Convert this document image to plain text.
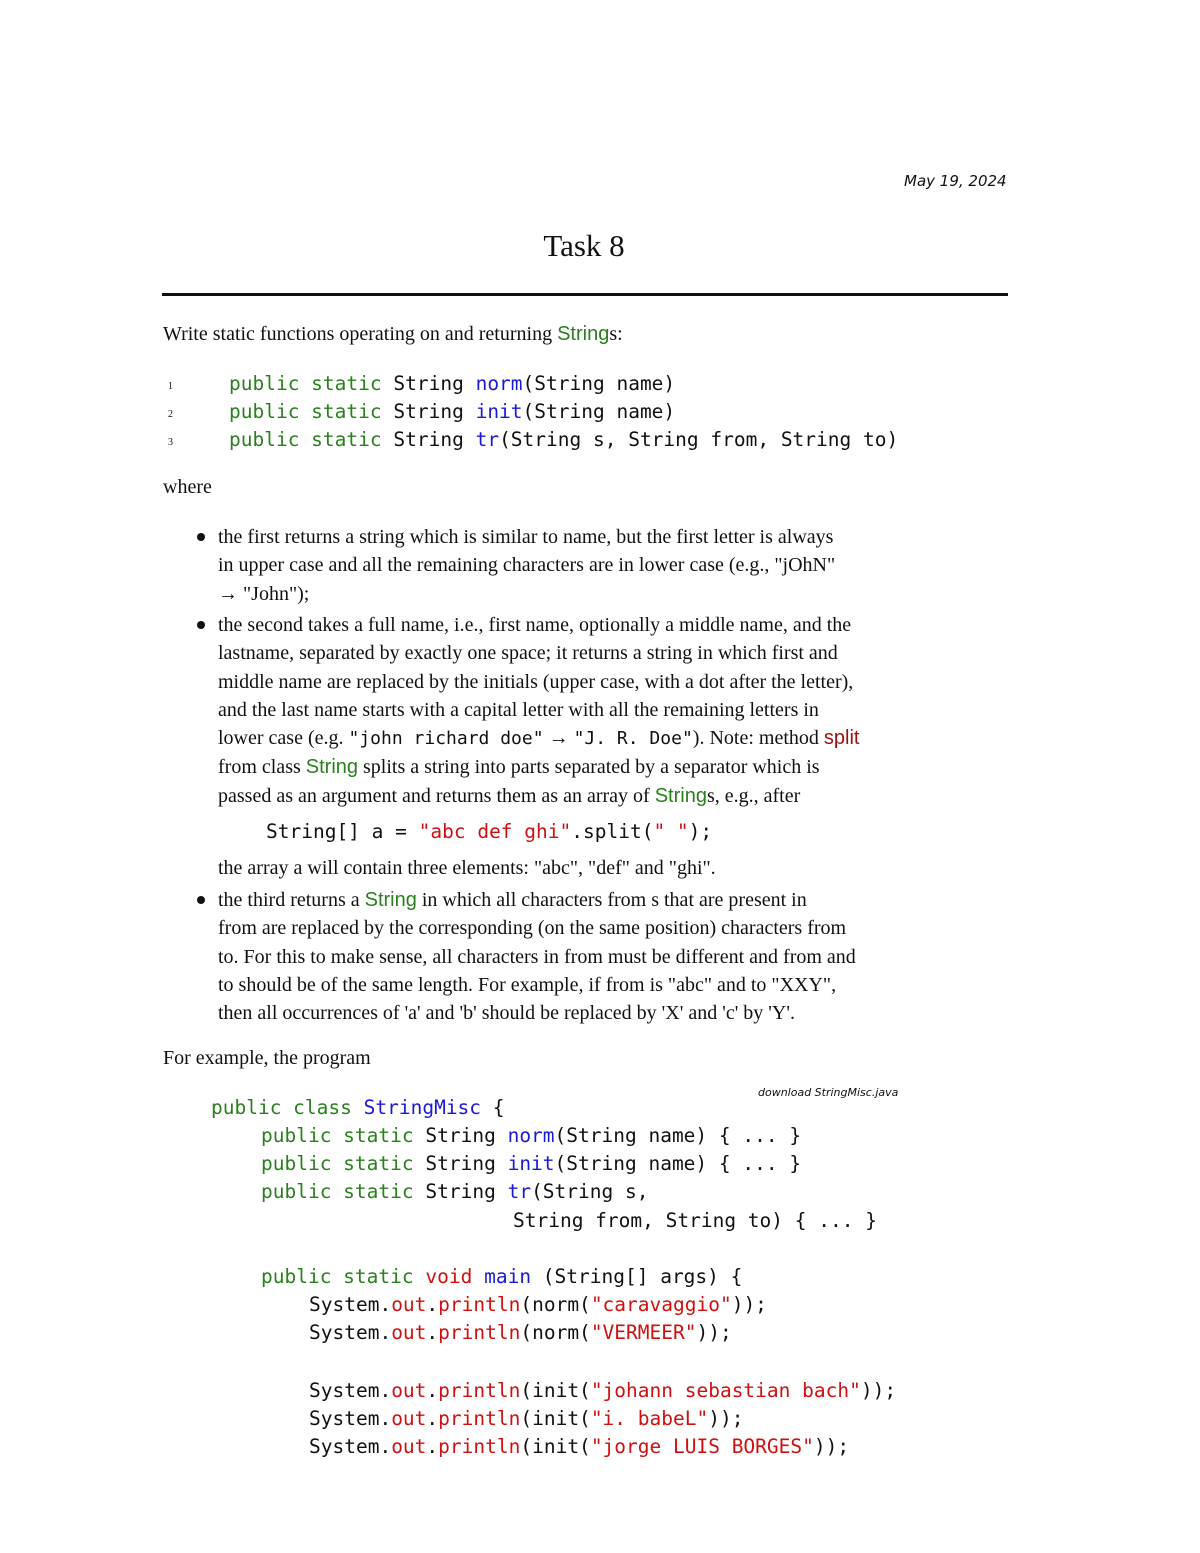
May 19, 2024
Task 8
Write static functions operating on and returning Strings:
1	public static String norm(String name)
2	public static String init(String name)
3	public static String tr(String s, String from, String to)
where
the first returns a string which is similar to name, but the first letter is always
in upper case and all the remaining characters are in lower case (e.g., "jOhN"
→ "John");
the second takes a full name, i.e., first name, optionally a middle name, and the
lastname, separated by exactly one space; it returns a string in which first and
middle name are replaced by the initials (upper case, with a dot after the letter),
and the last name starts with a capital letter with all the remaining letters in
lower case (e.g. "john richard doe" → "J. R. Doe"). Note: method split
from class String splits a string into parts separated by a separator which is
passed as an argument and returns them as an array of Strings, e.g., after
String[] a = "abc def ghi".split(" ");
the array a will contain three elements: "abc", "def" and "ghi".
the third returns a String in which all characters from s that are present in
from are replaced by the corresponding (on the same position) characters from
to. For this to make sense, all characters in from must be different and from and
to should be of the same length. For example, if from is "abc" and to "XXY",
then all occurrences of 'a' and 'b' should be replaced by 'X' and 'c' by 'Y'.
For example, the program
download StringMisc.java
public class StringMisc {
public static String norm(String name) { ... }
public static String init(String name) { ... }
public static String tr(String s,
String from, String to) { ... }
public static void main (String[] args) {
System.out.println(norm("caravaggio"));
System.out.println(norm("VERMEER"));
System.out.println(init("johann sebastian bach"));
System.out.println(init("i. babeL"));
System.out.println(init("jorge LUIS BORGES"));
